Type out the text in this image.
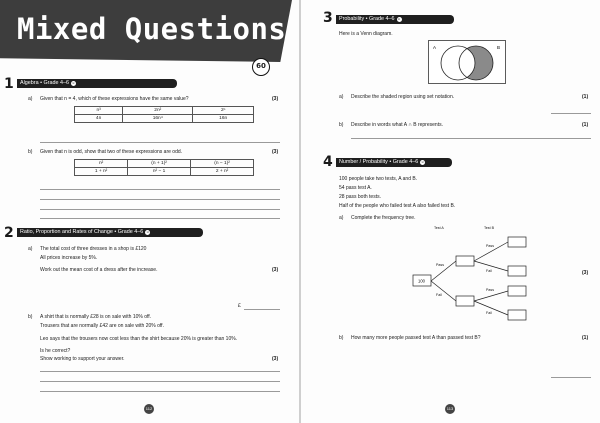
Mixed Questions
60
1	Algebra • Grade 4–6 ☺
a) Given that n = 4, which of these expressions have the same value?	(3)
n³	2n²	2ⁿ
4n	16n⁴	16n
b) Given that n is odd, show that two of these expressions are odd.	(3)
n²	(n + 1)²	(n − 1)²
1 + n²	n² − 1	2 + n²
2	Ratio, Proportion and Rates of Change • Grade 4–6 ☺
a) The total cost of three dresses in a shop is £120
All prices increase by 5%.
Work out the mean cost of a dress after the increase.	(3)
£
b) A shirt that is normally £28 is on sale with 10% off.
Trousers that are normally £42 are on sale with 20% off.
Leo says that the trousers now cost less than the shirt because 20% is greater than 10%.
Is he correct?
Show working to support your answer.	(3)
112
3	Probability • Grade 4–6 ☺
Here is a Venn diagram.
A	B
a) Describe the shaded region using set notation.	(1)
b) Describe in words what A ∩ B represents.	(1)
4	Number / Probability • Grade 4–6 ☺
100 people take two tests, A and B.
54 pass test A.
28 pass both tests.
Half of the people who failed test A also failed test B.
a) Complete the frequency tree.
(3)
Test A	Test B
100
Pass
Fail
Pass
Fail
Pass
Fail
b) How many more people passed test A than passed test B?	(1)
113
